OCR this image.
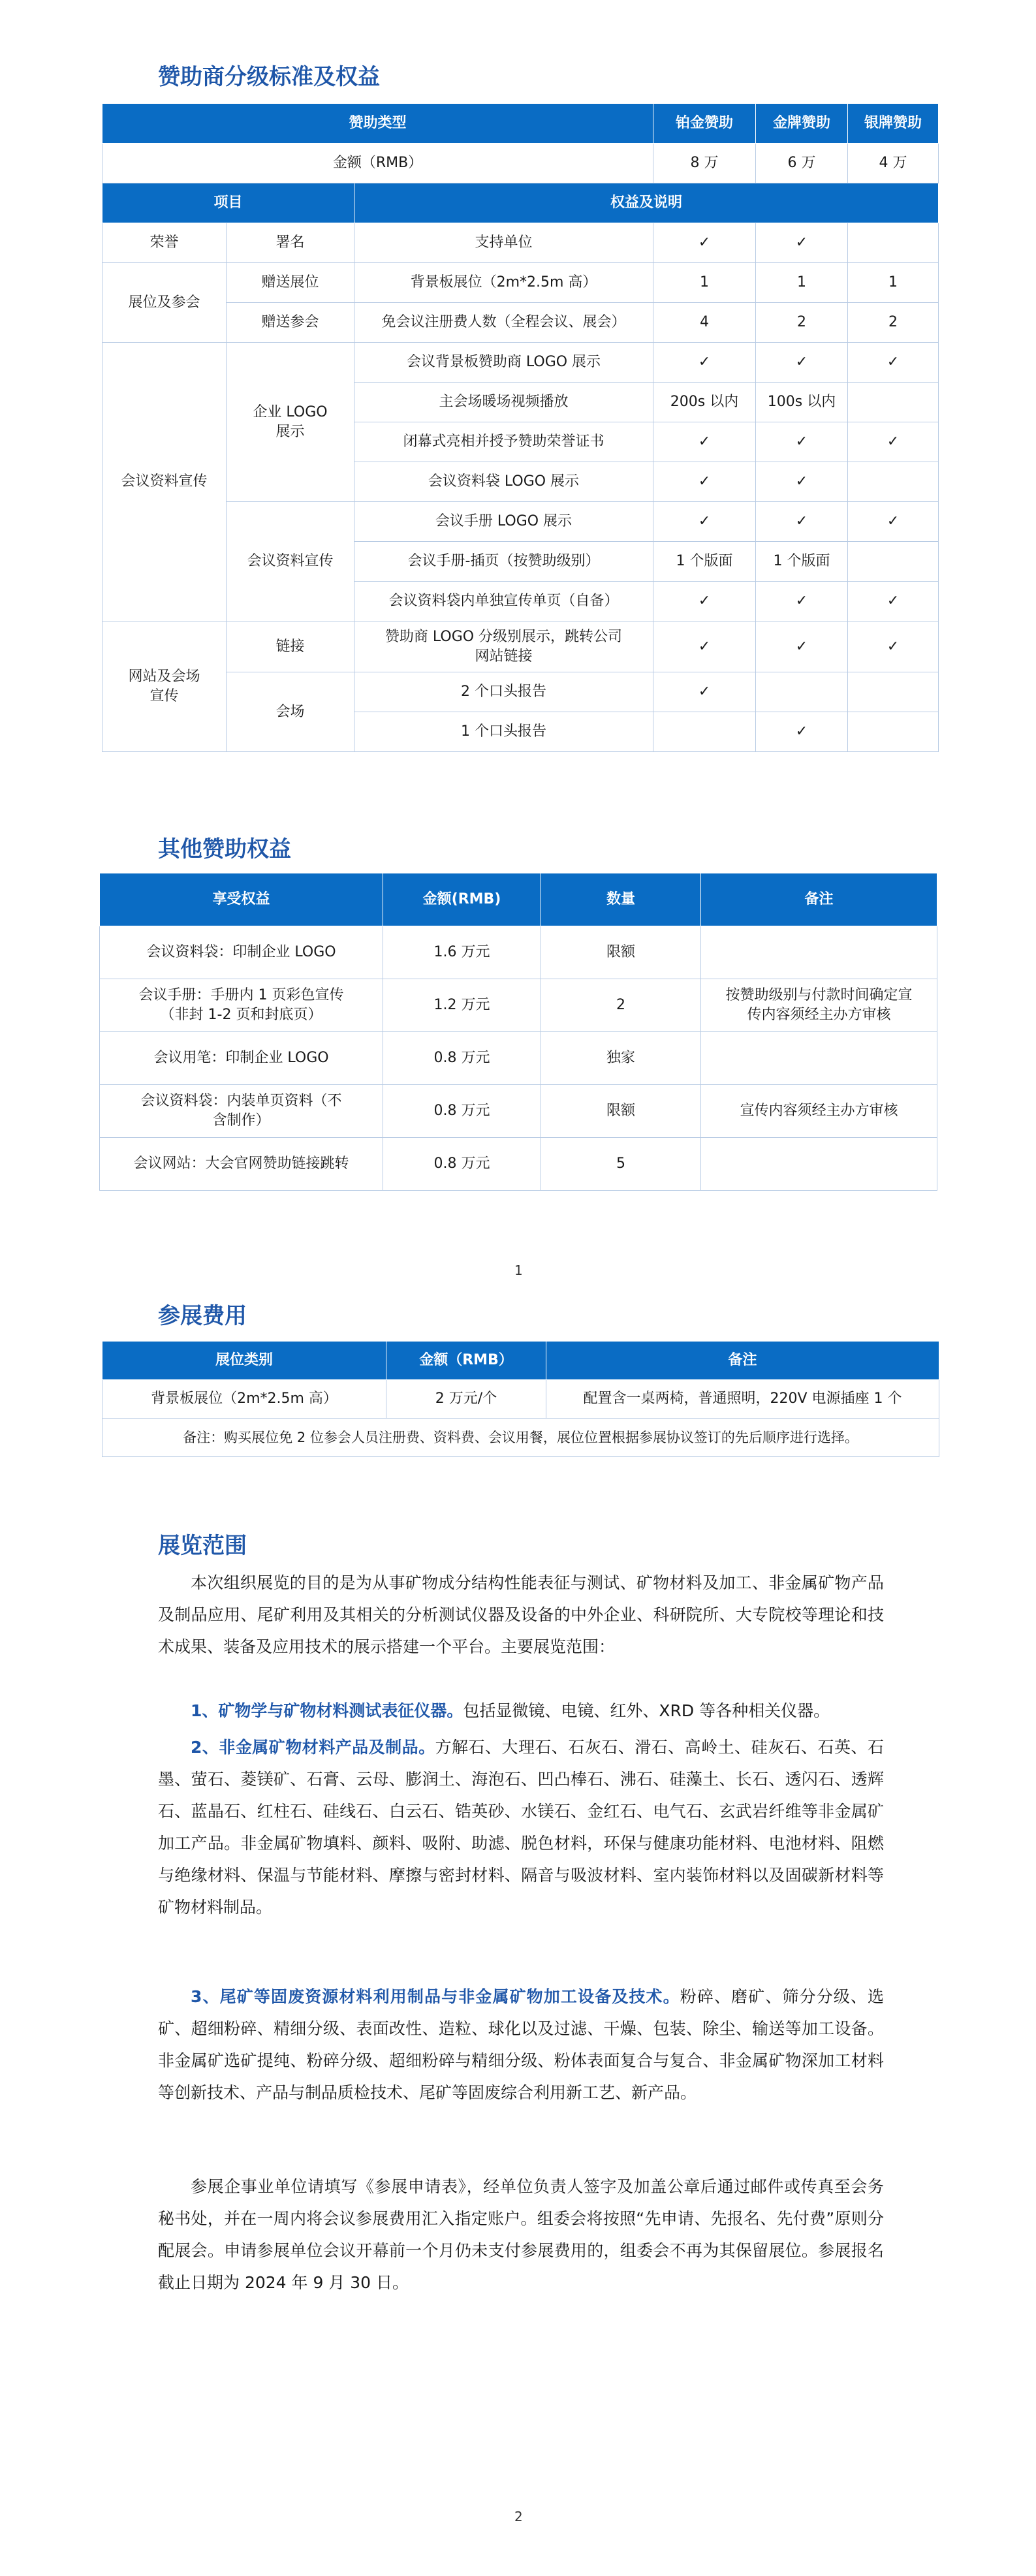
赞助商分级标准及权益
赞助类型			铂金赞助	金牌赞助	银牌赞助
金额（RMB）			8 万	6 万	4 万
项目		权益及说明			
荣誉	署名	支持单位	✓	✓	
展位及参会	赠送展位	背景板展位（2m*2.5m 高）	1	1	1
	赠送参会	免会议注册费人数（全程会议、展会）	4	2	2
会议资料宣传	企业 LOGO展示	会议背景板赞助商 LOGO 展示	✓	✓	✓
		主会场暖场视频播放	200s 以内	100s 以内	
		闭幕式亮相并授予赞助荣誉证书	✓	✓	✓
		会议资料袋 LOGO 展示	✓	✓	
	会议资料宣传	会议手册 LOGO 展示	✓	✓	✓
		会议手册-插页（按赞助级别）	1 个版面	1 个版面	
		会议资料袋内单独宣传单页（自备）	✓	✓	✓
网站及会场宣传	链接	赞助商 LOGO 分级别展示，跳转公司网站链接	✓	✓	✓
	会场	2 个口头报告	✓		
		1 个口头报告		✓	
其他赞助权益
享受权益	金额(RMB)	数量	备注
会议资料袋：印制企业 LOGO	1.6 万元	限额	
会议手册：手册内 1 页彩色宣传（非封 1-2 页和封底页）	1.2 万元	2	按赞助级别与付款时间确定宣传内容须经主办方审核
会议用笔：印制企业 LOGO	0.8 万元	独家	
会议资料袋：内装单页资料（不含制作）	0.8 万元	限额	宣传内容须经主办方审核
会议网站：大会官网赞助链接跳转	0.8 万元	5	
1
参展费用
展位类别	金额（RMB）	备注
背景板展位（2m*2.5m 高）	2 万元/个	配置含一桌两椅，普通照明，220V 电源插座 1 个
备注：购买展位免 2 位参会人员注册费、资料费、会议用餐，展位位置根据参展协议签订的先后顺序进行选择。		
展览范围

本次组织展览的目的是为从事矿物成分结构性能表征与测试、矿物材料及加工、非金属矿物产品及制品应用、尾矿利用及其相关的分析测试仪器及设备的中外企业、科研院所、大专院校等理论和技术成果、装备及应用技术的展示搭建一个平台。主要展览范围：

1、矿物学与矿物材料测试表征仪器。包括显微镜、电镜、红外、XRD 等各种相关仪器。

2、非金属矿物材料产品及制品。方解石、大理石、石灰石、滑石、高岭土、硅灰石、石英、石墨、萤石、菱镁矿、石膏、云母、膨润土、海泡石、凹凸棒石、沸石、硅藻土、长石、透闪石、透辉石、蓝晶石、红柱石、硅线石、白云石、锆英砂、水镁石、金红石、电气石、玄武岩纤维等非金属矿加工产品。非金属矿物填料、颜料、吸附、助滤、脱色材料，环保与健康功能材料、电池材料、阻燃与绝缘材料、保温与节能材料、摩擦与密封材料、隔音与吸波材料、室内装饰材料以及固碳新材料等矿物材料制品。

3、尾矿等固废资源材料利用制品与非金属矿物加工设备及技术。粉碎、磨矿、筛分分级、选矿、超细粉碎、精细分级、表面改性、造粒、球化以及过滤、干燥、包装、除尘、输送等加工设备。非金属矿选矿提纯、粉碎分级、超细粉碎与精细分级、粉体表面复合与复合、非金属矿物深加工材料等创新技术、产品与制品质检技术、尾矿等固废综合利用新工艺、新产品。

参展企事业单位请填写《参展申请表》，经单位负责人签字及加盖公章后通过邮件或传真至会务秘书处，并在一周内将会议参展费用汇入指定账户。组委会将按照“先申请、先报名、先付费”原则分配展会。申请参展单位会议开幕前一个月仍未支付参展费用的，组委会不再为其保留展位。参展报名截止日期为 2024 年 9 月 30 日。

2
